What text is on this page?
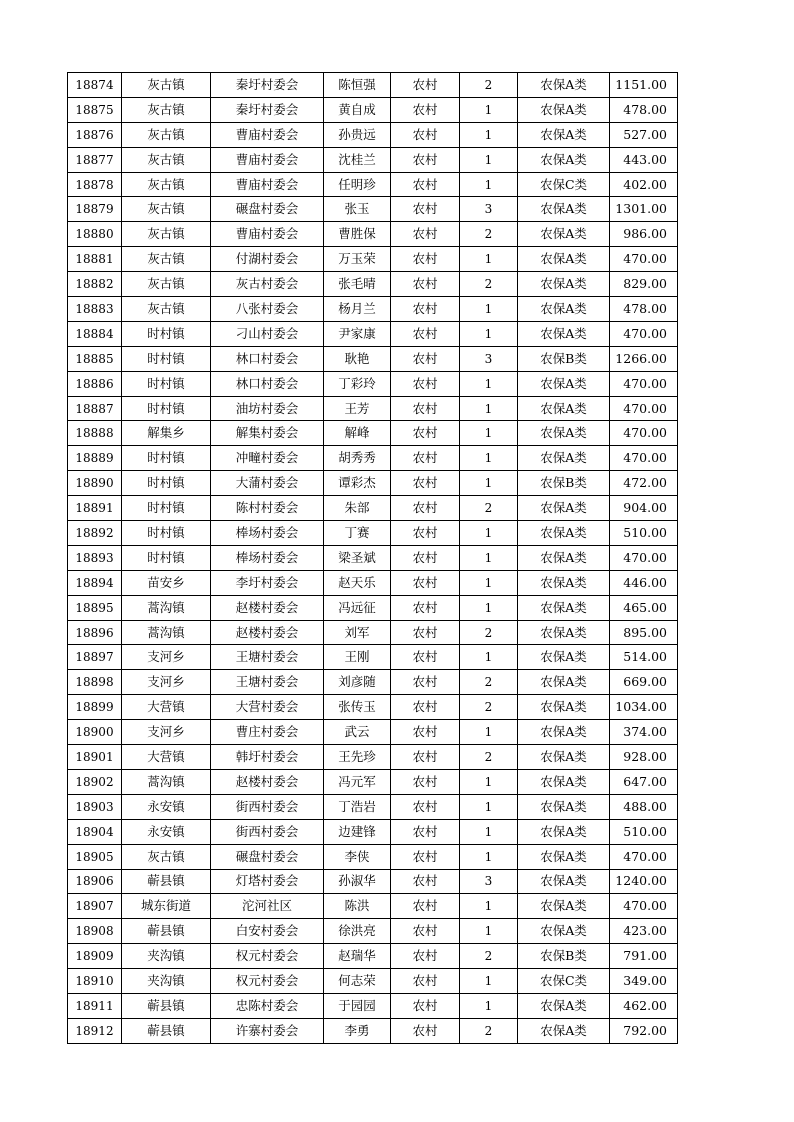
18874	灰古镇	秦圩村委会	陈恒强	农村	2	农保A类	1151.00
18875	灰古镇	秦圩村委会	黄自成	农村	1	农保A类	478.00
18876	灰古镇	曹庙村委会	孙贵远	农村	1	农保A类	527.00
18877	灰古镇	曹庙村委会	沈桂兰	农村	1	农保A类	443.00
18878	灰古镇	曹庙村委会	任明珍	农村	1	农保C类	402.00
18879	灰古镇	碾盘村委会	张玉	农村	3	农保A类	1301.00
18880	灰古镇	曹庙村委会	曹胜保	农村	2	农保A类	986.00
18881	灰古镇	付湖村委会	万玉荣	农村	1	农保A类	470.00
18882	灰古镇	灰古村委会	张毛晴	农村	2	农保A类	829.00
18883	灰古镇	八张村委会	杨月兰	农村	1	农保A类	478.00
18884	时村镇	刁山村委会	尹家康	农村	1	农保A类	470.00
18885	时村镇	林口村委会	耿艳	农村	3	农保B类	1266.00
18886	时村镇	林口村委会	丁彩玲	农村	1	农保A类	470.00
18887	时村镇	油坊村委会	王芳	农村	1	农保A类	470.00
18888	解集乡	解集村委会	解峰	农村	1	农保A类	470.00
18889	时村镇	冲疃村委会	胡秀秀	农村	1	农保A类	470.00
18890	时村镇	大蒲村委会	谭彩杰	农村	1	农保B类	472.00
18891	时村镇	陈村村委会	朱部	农村	2	农保A类	904.00
18892	时村镇	棒场村委会	丁赛	农村	1	农保A类	510.00
18893	时村镇	棒场村委会	梁圣斌	农村	1	农保A类	470.00
18894	苗安乡	李圩村委会	赵天乐	农村	1	农保A类	446.00
18895	蒿沟镇	赵楼村委会	冯远征	农村	1	农保A类	465.00
18896	蒿沟镇	赵楼村委会	刘军	农村	2	农保A类	895.00
18897	支河乡	王塘村委会	王刚	农村	1	农保A类	514.00
18898	支河乡	王塘村委会	刘彦随	农村	2	农保A类	669.00
18899	大营镇	大营村委会	张传玉	农村	2	农保A类	1034.00
18900	支河乡	曹庄村委会	武云	农村	1	农保A类	374.00
18901	大营镇	韩圩村委会	王先珍	农村	2	农保A类	928.00
18902	蒿沟镇	赵楼村委会	冯元军	农村	1	农保A类	647.00
18903	永安镇	街西村委会	丁浩岩	农村	1	农保A类	488.00
18904	永安镇	街西村委会	边建锋	农村	1	农保A类	510.00
18905	灰古镇	碾盘村委会	李侠	农村	1	农保A类	470.00
18906	蕲县镇	灯塔村委会	孙淑华	农村	3	农保A类	1240.00
18907	城东街道	沱河社区	陈洪	农村	1	农保A类	470.00
18908	蕲县镇	白安村委会	徐洪亮	农村	1	农保A类	423.00
18909	夹沟镇	权元村委会	赵瑞华	农村	2	农保B类	791.00
18910	夹沟镇	权元村委会	何志荣	农村	1	农保C类	349.00
18911	蕲县镇	忠陈村委会	于园园	农村	1	农保A类	462.00
18912	蕲县镇	许寨村委会	李勇	农村	2	农保A类	792.00
